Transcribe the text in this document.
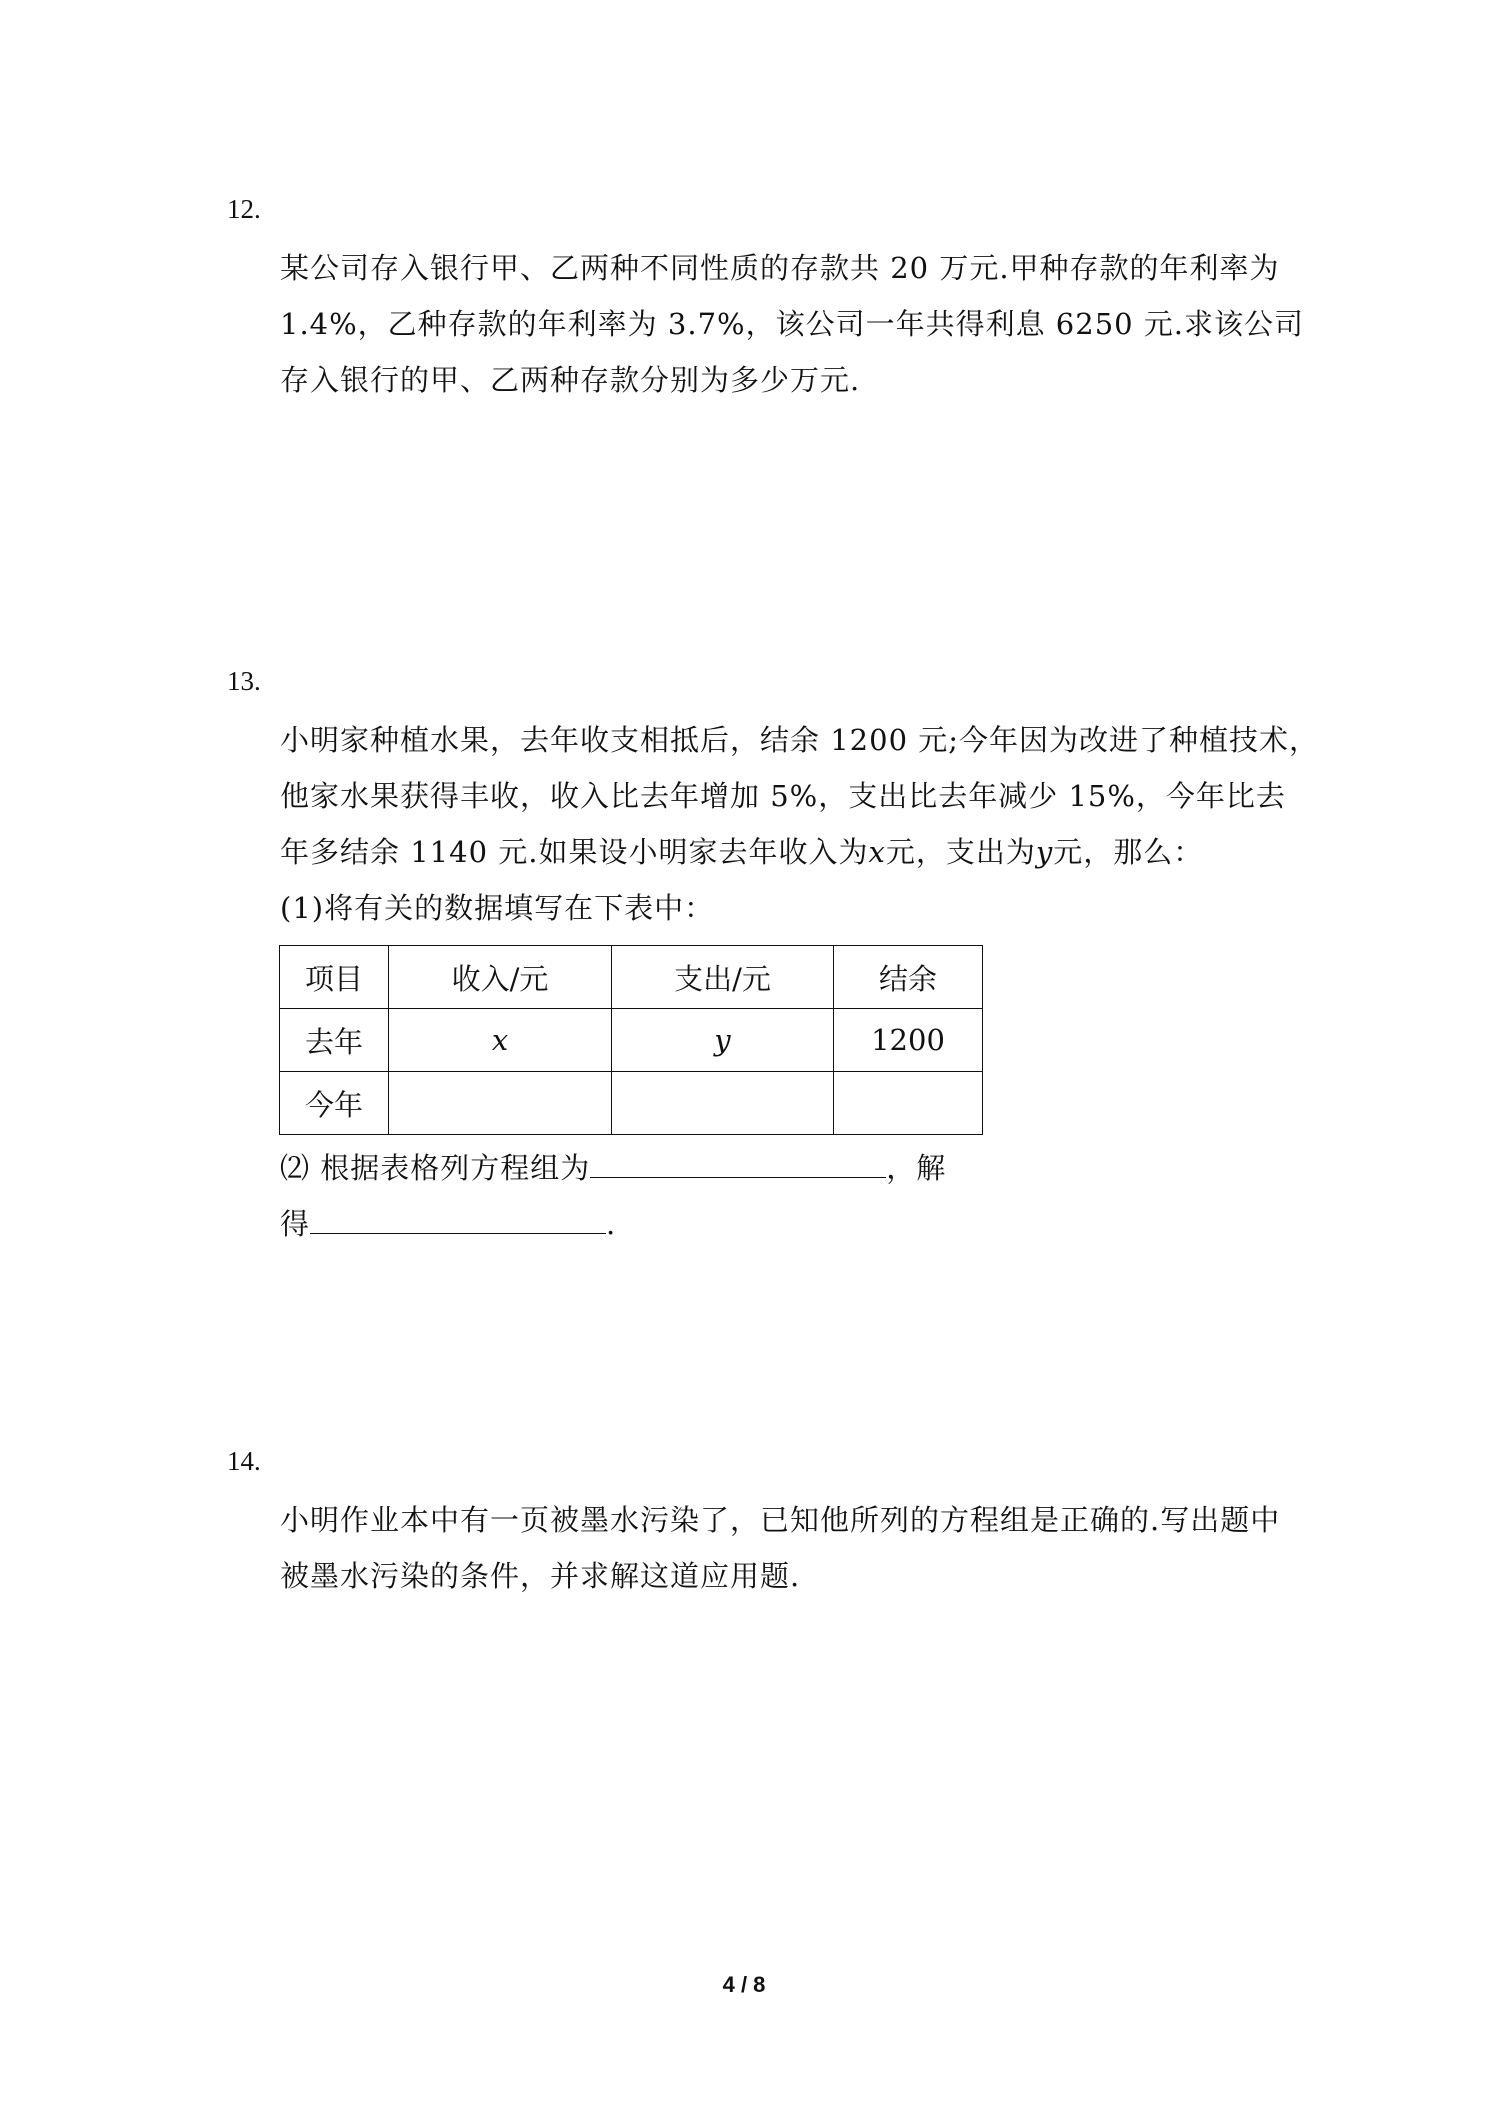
12.
某公司存入银行甲、乙两种不同性质的存款共 20 万元.甲种存款的年利率为
1.4%，乙种存款的年利率为 3.7%，该公司一年共得利息 6250 元.求该公司
存入银行的甲、乙两种存款分别为多少万元.
13.
小明家种植水果，去年收支相抵后，结余 1200 元;今年因为改进了种植技术，
他家水果获得丰收，收入比去年增加 5%，支出比去年减少 15%，今年比去
年多结余 1140 元.如果设小明家去年收入为x元，支出为y元，那么：
(1)将有关的数据填写在下表中：
项目	收入/元	支出/元	结余
去年	x	y	1200
今年			
⑵ 根据表格列方程组为	，解
得	.
14.
小明作业本中有一页被墨水污染了，已知他所列的方程组是正确的.写出题中
被墨水污染的条件，并求解这道应用题.
4 / 8
